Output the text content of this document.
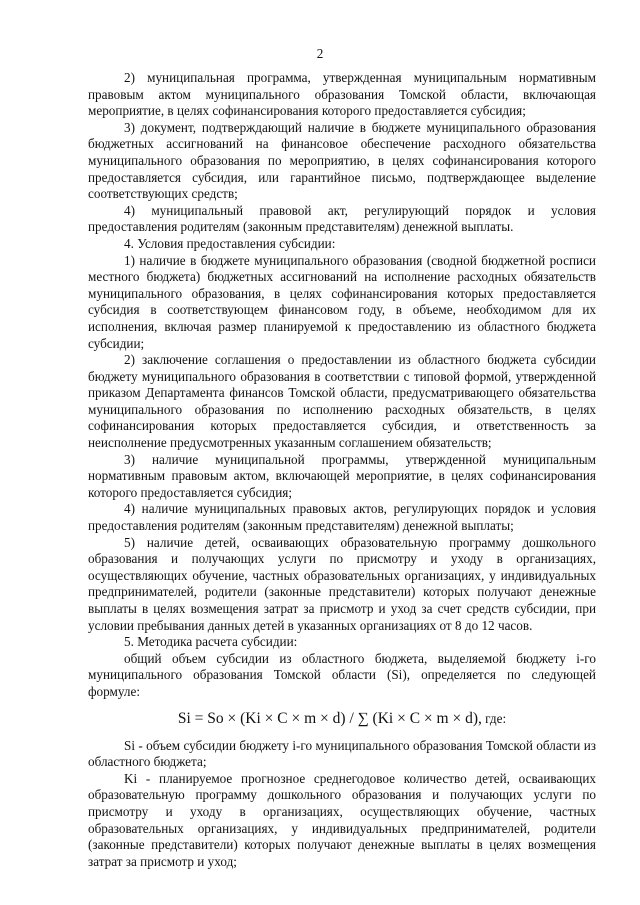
2

2) муниципальная программа, утвержденная муниципальным нормативным правовым актом муниципального образования Томской области, включающая мероприятие, в целях софинансирования которого предоставляется субсидия;

3) документ, подтверждающий наличие в бюджете муниципального образования бюджетных ассигнований на финансовое обеспечение расходного обязательства муниципального образования по мероприятию, в целях софинансирования которого предоставляется субсидия, или гарантийное письмо, подтверждающее выделение соответствующих средств;

4) муниципальный правовой акт, регулирующий порядок и условия предоставления родителям (законным представителям) денежной выплаты.

4. Условия предоставления субсидии:

1) наличие в бюджете муниципального образования (сводной бюджетной росписи местного бюджета) бюджетных ассигнований на исполнение расходных обязательств муниципального образования, в целях софинансирования которых предоставляется субсидия в соответствующем финансовом году, в объеме, необходимом для их исполнения, включая размер планируемой к предоставлению из областного бюджета субсидии;

2) заключение соглашения о предоставлении из областного бюджета субсидии бюджету муниципального образования в соответствии с типовой формой, утвержденной приказом Департамента финансов Томской области, предусматривающего обязательства муниципального образования по исполнению расходных обязательств, в целях софинансирования которых предоставляется субсидия, и ответственность за неисполнение предусмотренных указанным соглашением обязательств;

3) наличие муниципальной программы, утвержденной муниципальным нормативным правовым актом, включающей мероприятие, в целях софинансирования которого предоставляется субсидия;

4) наличие муниципальных правовых актов, регулирующих порядок и условия предоставления родителям (законным представителям) денежной выплаты;

5) наличие детей, осваивающих образовательную программу дошкольного образования и получающих услуги по присмотру и уходу в организациях, осуществляющих обучение, частных образовательных организациях, у индивидуальных предпринимателей, родители (законные представители) которых получают денежные выплаты в целях возмещения затрат за присмотр и уход за счет средств субсидии, при условии пребывания данных детей в указанных организациях от 8 до 12 часов.

5. Методика расчета субсидии:

общий объем субсидии из областного бюджета, выделяемой бюджету i-го муниципального образования Томской области (Si), определяется по следующей формуле:

Si = So × (Ki × C × m × d) / ∑ (Ki × C × m × d), где:

Si - объем субсидии бюджету i-го муниципального образования Томской области из областного бюджета;

Ki - планируемое прогнозное среднегодовое количество детей, осваивающих образовательную программу дошкольного образования и получающих услуги по присмотру и уходу в организациях, осуществляющих обучение, частных образовательных организациях, у индивидуальных предпринимателей, родители (законные представители) которых получают денежные выплаты в целях возмещения затрат за присмотр и уход;
